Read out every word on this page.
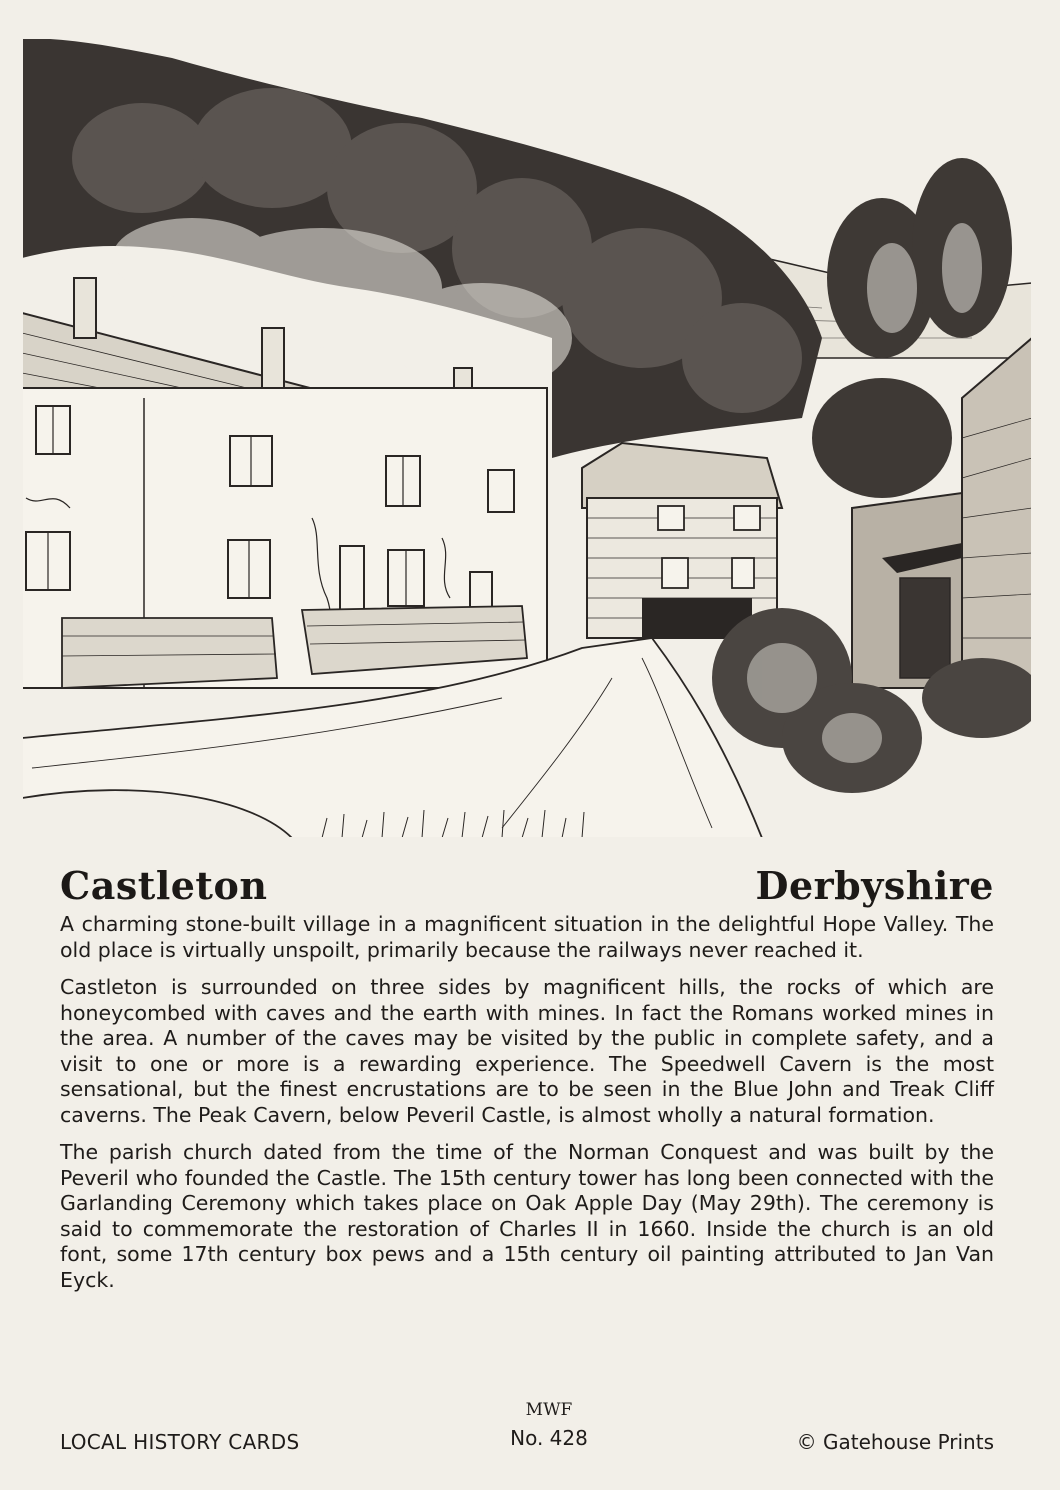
Castleton	Derbyshire

A charming stone-built village in a magnificent situation in the delightful Hope Valley. The old place is virtually unspoilt, primarily because the railways never reached it.

Castleton is surrounded on three sides by magnificent hills, the rocks of which are honeycombed with caves and the earth with mines. In fact the Romans worked mines in the area. A number of the caves may be visited by the public in complete safety, and a visit to one or more is a rewarding experience. The Speedwell Cavern is the most sensational, but the finest encrustations are to be seen in the Blue John and Treak Cliff caverns. The Peak Cavern, below Peveril Castle, is almost wholly a natural formation.

The parish church dated from the time of the Norman Conquest and was built by the Peveril who founded the Castle. The 15th century tower has long been connected with the Garlanding Ceremony which takes place on Oak Apple Day (May 29th). The ceremony is said to commemorate the restoration of Charles II in 1660. Inside the church is an old font, some 17th century box pews and a 15th century oil painting attributed to Jan Van Eyck.

LOCAL HISTORY CARDS
MWF
No. 428	© Gatehouse Prints
